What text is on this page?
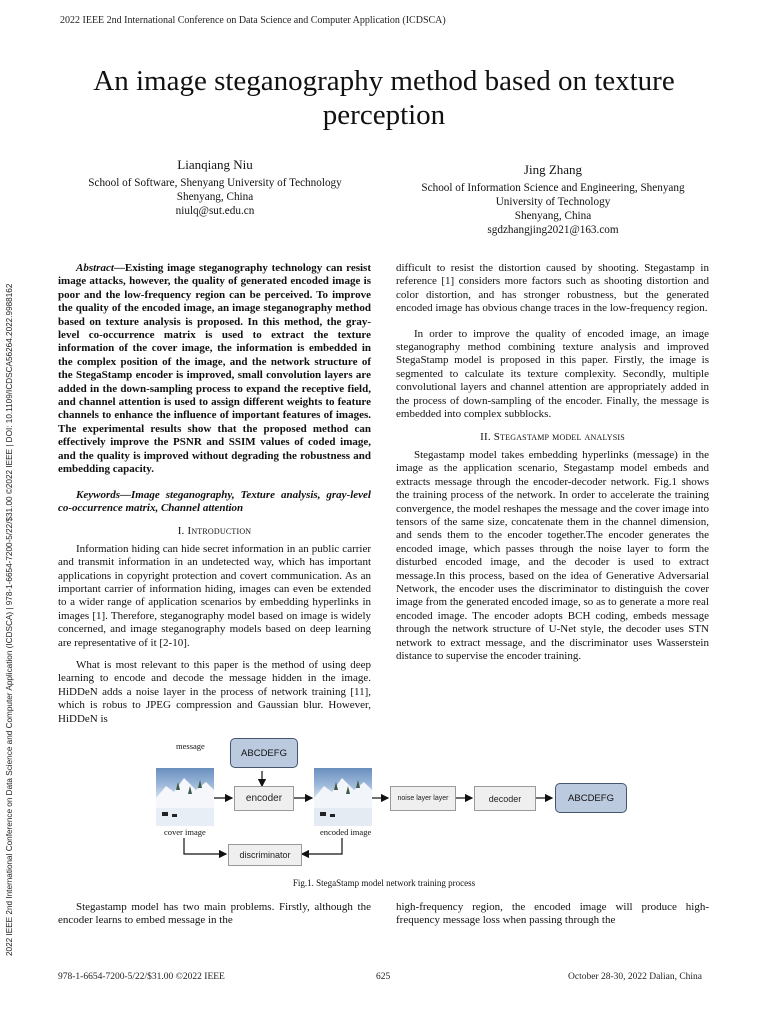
2022 IEEE 2nd International Conference on Data Science and Computer Application (ICDSCA)
An image steganography method based on texture perception
Lianqiang Niu
School of Software, Shenyang University of Technology
Shenyang, China
niulq@sut.edu.cn
Jing Zhang
School of Information Science and Engineering, Shenyang University of Technology
Shenyang, China
sgdzhangjing2021@163.com
2022 IEEE 2nd International Conference on Data Science and Computer Application (ICDSCA) | 978-1-6654-7200-5/22/$31.00 ©2022 IEEE | DOI: 10.1109/ICDSCA56264.2022.9988162

Abstract—Existing image steganography technology can resist image attacks, however, the quality of generated encoded image is poor and the low-frequency region can be perceived. To improve the quality of the encoded image, an image steganography method based on texture analysis is proposed. In this method, the gray-level co-occurrence matrix is used to extract the texture information of the cover image, the information is embedded in the complex position of the image, and the network structure of the StegaStamp encoder is improved, small convolution layers are added in the down-sampling process to expand the receptive field, and channel attention is used to assign different weights to feature channels to enhance the influence of important features of images. The experimental results show that the proposed method can effectively improve the PSNR and SSIM values of coded image, and the quality is improved without degrading the robustness and embedding capacity.

Keywords—Image steganography, Texture analysis, gray-level co-occurrence matrix, Channel attention

I. Introduction

Information hiding can hide secret information in an public carrier and transmit information in an undetected way, which has important applications in copyright protection and covert communication. As an important carrier of information hiding, images can even be extended to a wider range of application scenarios by embedding hyperlinks in images [1]. Therefore, steganography model based on image is widely concerned, and image steganography models based on deep learning are representative of it [2-10].

What is most relevant to this paper is the method of using deep learning to encode and decode the message hidden in the image. HiDDeN adds a noise layer in the process of network training [11], which is robus to JPEG compression and Gaussian blur. However, HiDDeN is

difficult to resist the distortion caused by shooting. Stegastamp in reference [1] considers more factors such as shooting distortion and color distortion, and has stronger robustness, but the generated encoded image has obvious change traces in the low-frequency region.

In order to improve the quality of encoded image, an image steganography method combining texture analysis and improved StegaStamp model is proposed in this paper. Firstly, the image is segmented to calculate its texture complexity. Secondly, multiple convolutional layers and channel attention are appropriately added in the process of down-sampling of the encoder. Finally, the message is embedded into complex subblocks.

II. Stegastamp model analysis

Stegastamp model takes embedding hyperlinks (message) in the image as the application scenario, Stegastamp model embeds and extracts message through the encoder-decoder network. Fig.1 shows the training process of the network. In order to accelerate the training convergence, the model reshapes the message and the cover image into tensors of the same size, concatenate them in the channel dimension, and sends them to the encoder together.The encoder generates the encoded image, which passes through the noise layer to form the disturbed encoded image, and the decoder is used to extract message.In this process, based on the idea of Generative Adversarial Network, the encoder uses the discriminator to distinguish the cover image from the generated encoded image, so as to generate a more real encoded image. The encoder adopts BCH coding, embeds message through the network structure of U-Net style, the decoder uses STN network to extract message, and the discriminator uses Wasserstein distance to supervise the encoder training.

message
ABCDEFG
cover image
encoder
encoded image
noise layer layer	decoder	ABCDEFG
discriminator
Fig.1. StegaStamp model network training process

Stegastamp model has two main problems. Firstly, although the encoder learns to embed message in the

high-frequency region, the encoded image will produce high-frequency message loss when passing through the

978-1-6654-7200-5/22/$31.00 ©2022 IEEE	625	October 28-30, 2022 Dalian, China
